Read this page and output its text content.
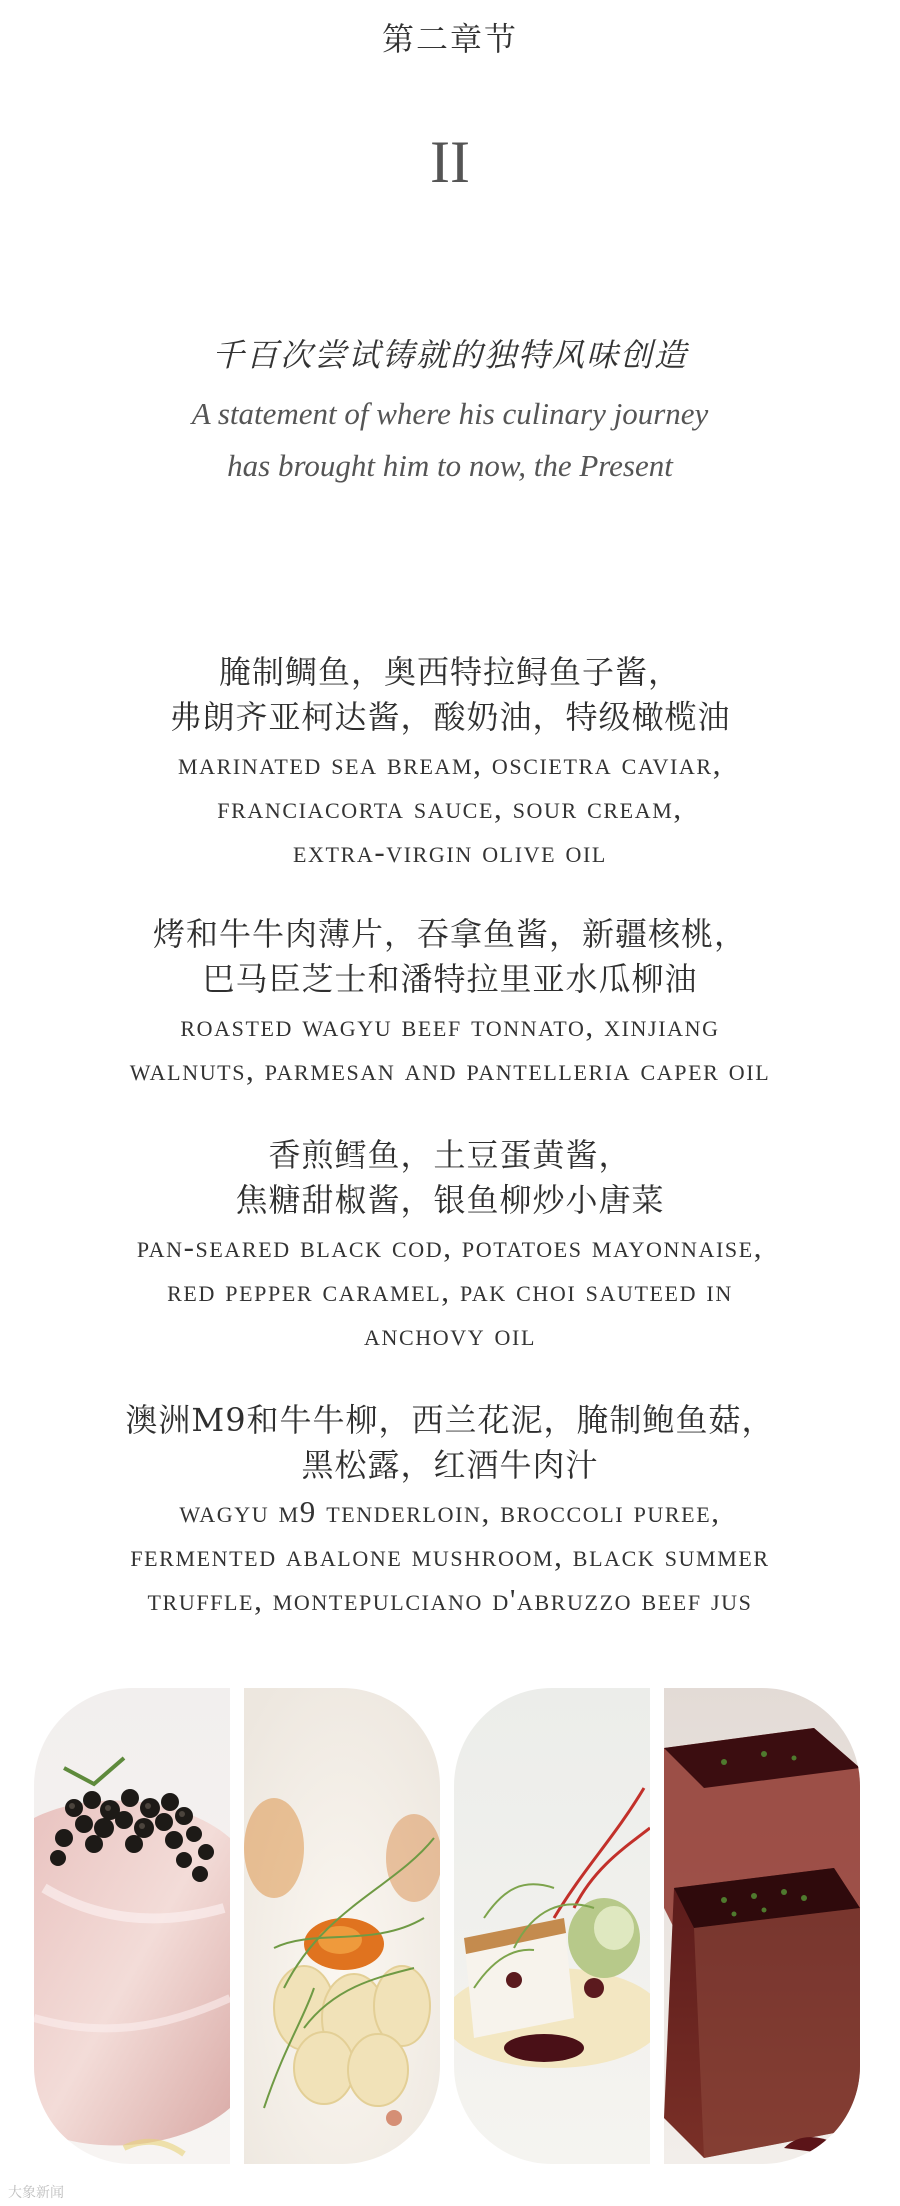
第二章节
II
千百次尝试铸就的独特风味创造
A statement of where his culinary journey
has brought him to now, the Present
腌制鲷鱼，奥西特拉鲟鱼子酱，
弗朗齐亚柯达酱，酸奶油，特级橄榄油
marinated sea bream, oscietra caviar,
franciacorta sauce, sour cream,
extra-virgin olive oil
烤和牛牛肉薄片，吞拿鱼酱，新疆核桃，
巴马臣芝士和潘特拉里亚水瓜柳油
roasted wagyu beef tonnato, xinjiang
walnuts, parmesan and pantelleria caper oil
香煎鳕鱼，土豆蛋黄酱，
焦糖甜椒酱，银鱼柳炒小唐菜
pan-seared black cod, potatoes mayonnaise,
red pepper caramel, pak choi sauteed in
anchovy oil
澳洲M9和牛牛柳，西兰花泥，腌制鲍鱼菇，
黑松露，红酒牛肉汁
wagyu m9 tenderloin, broccoli puree,
fermented abalone mushroom, black summer
truffle, montepulciano d'abruzzo beef jus
大象新闻
